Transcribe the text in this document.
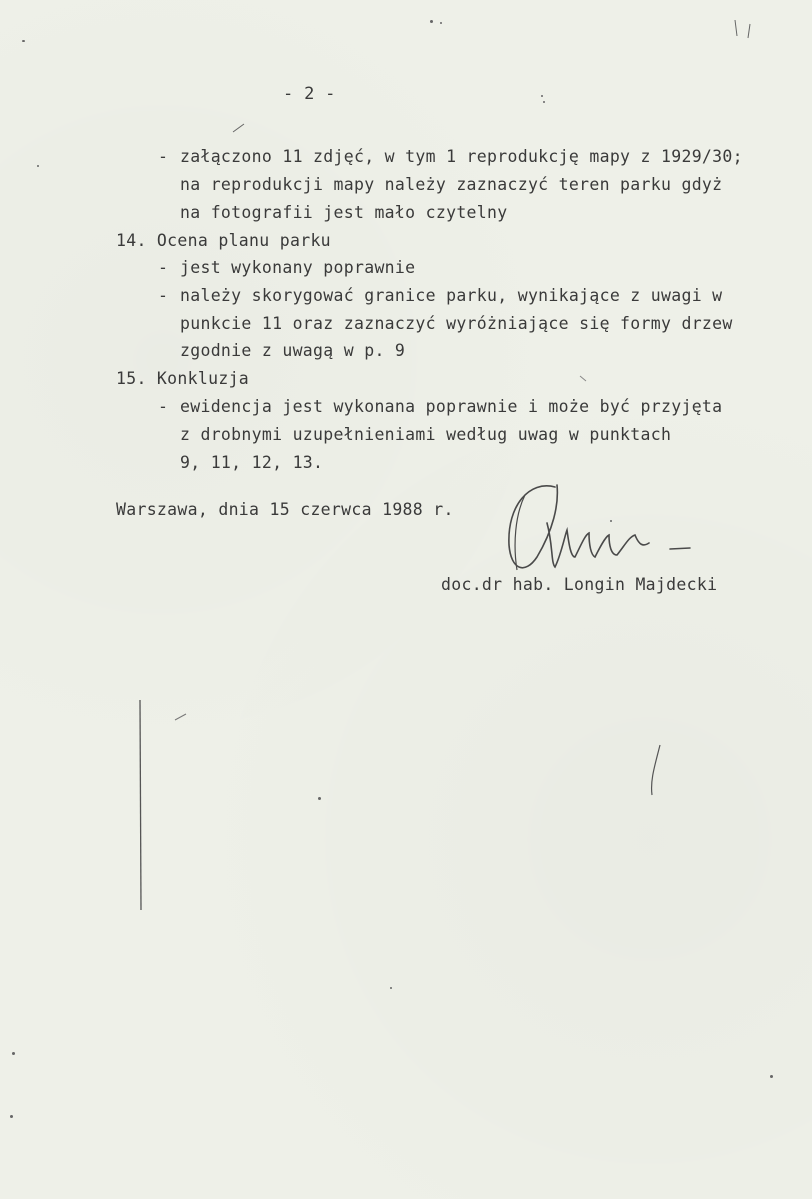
- 2 -
- załączono 11 zdjęć, w tym 1 reprodukcję mapy z 1929/30;
na reprodukcji mapy należy zaznaczyć teren parku gdyż
na fotografii jest mało czytelny
14. Ocena planu parku
- jest wykonany poprawnie
- należy skorygować granice parku, wynikające z uwagi w
punkcie 11 oraz zaznaczyć wyróżniające się formy drzew
zgodnie z uwagą w p. 9
15. Konkluzja
- ewidencja jest wykonana poprawnie i może być przyjęta
z drobnymi uzupełnieniami według uwag w punktach
9, 11, 12, 13.
Warszawa, dnia 15 czerwca 1988 r.
doc.dr hab. Longin Majdecki
